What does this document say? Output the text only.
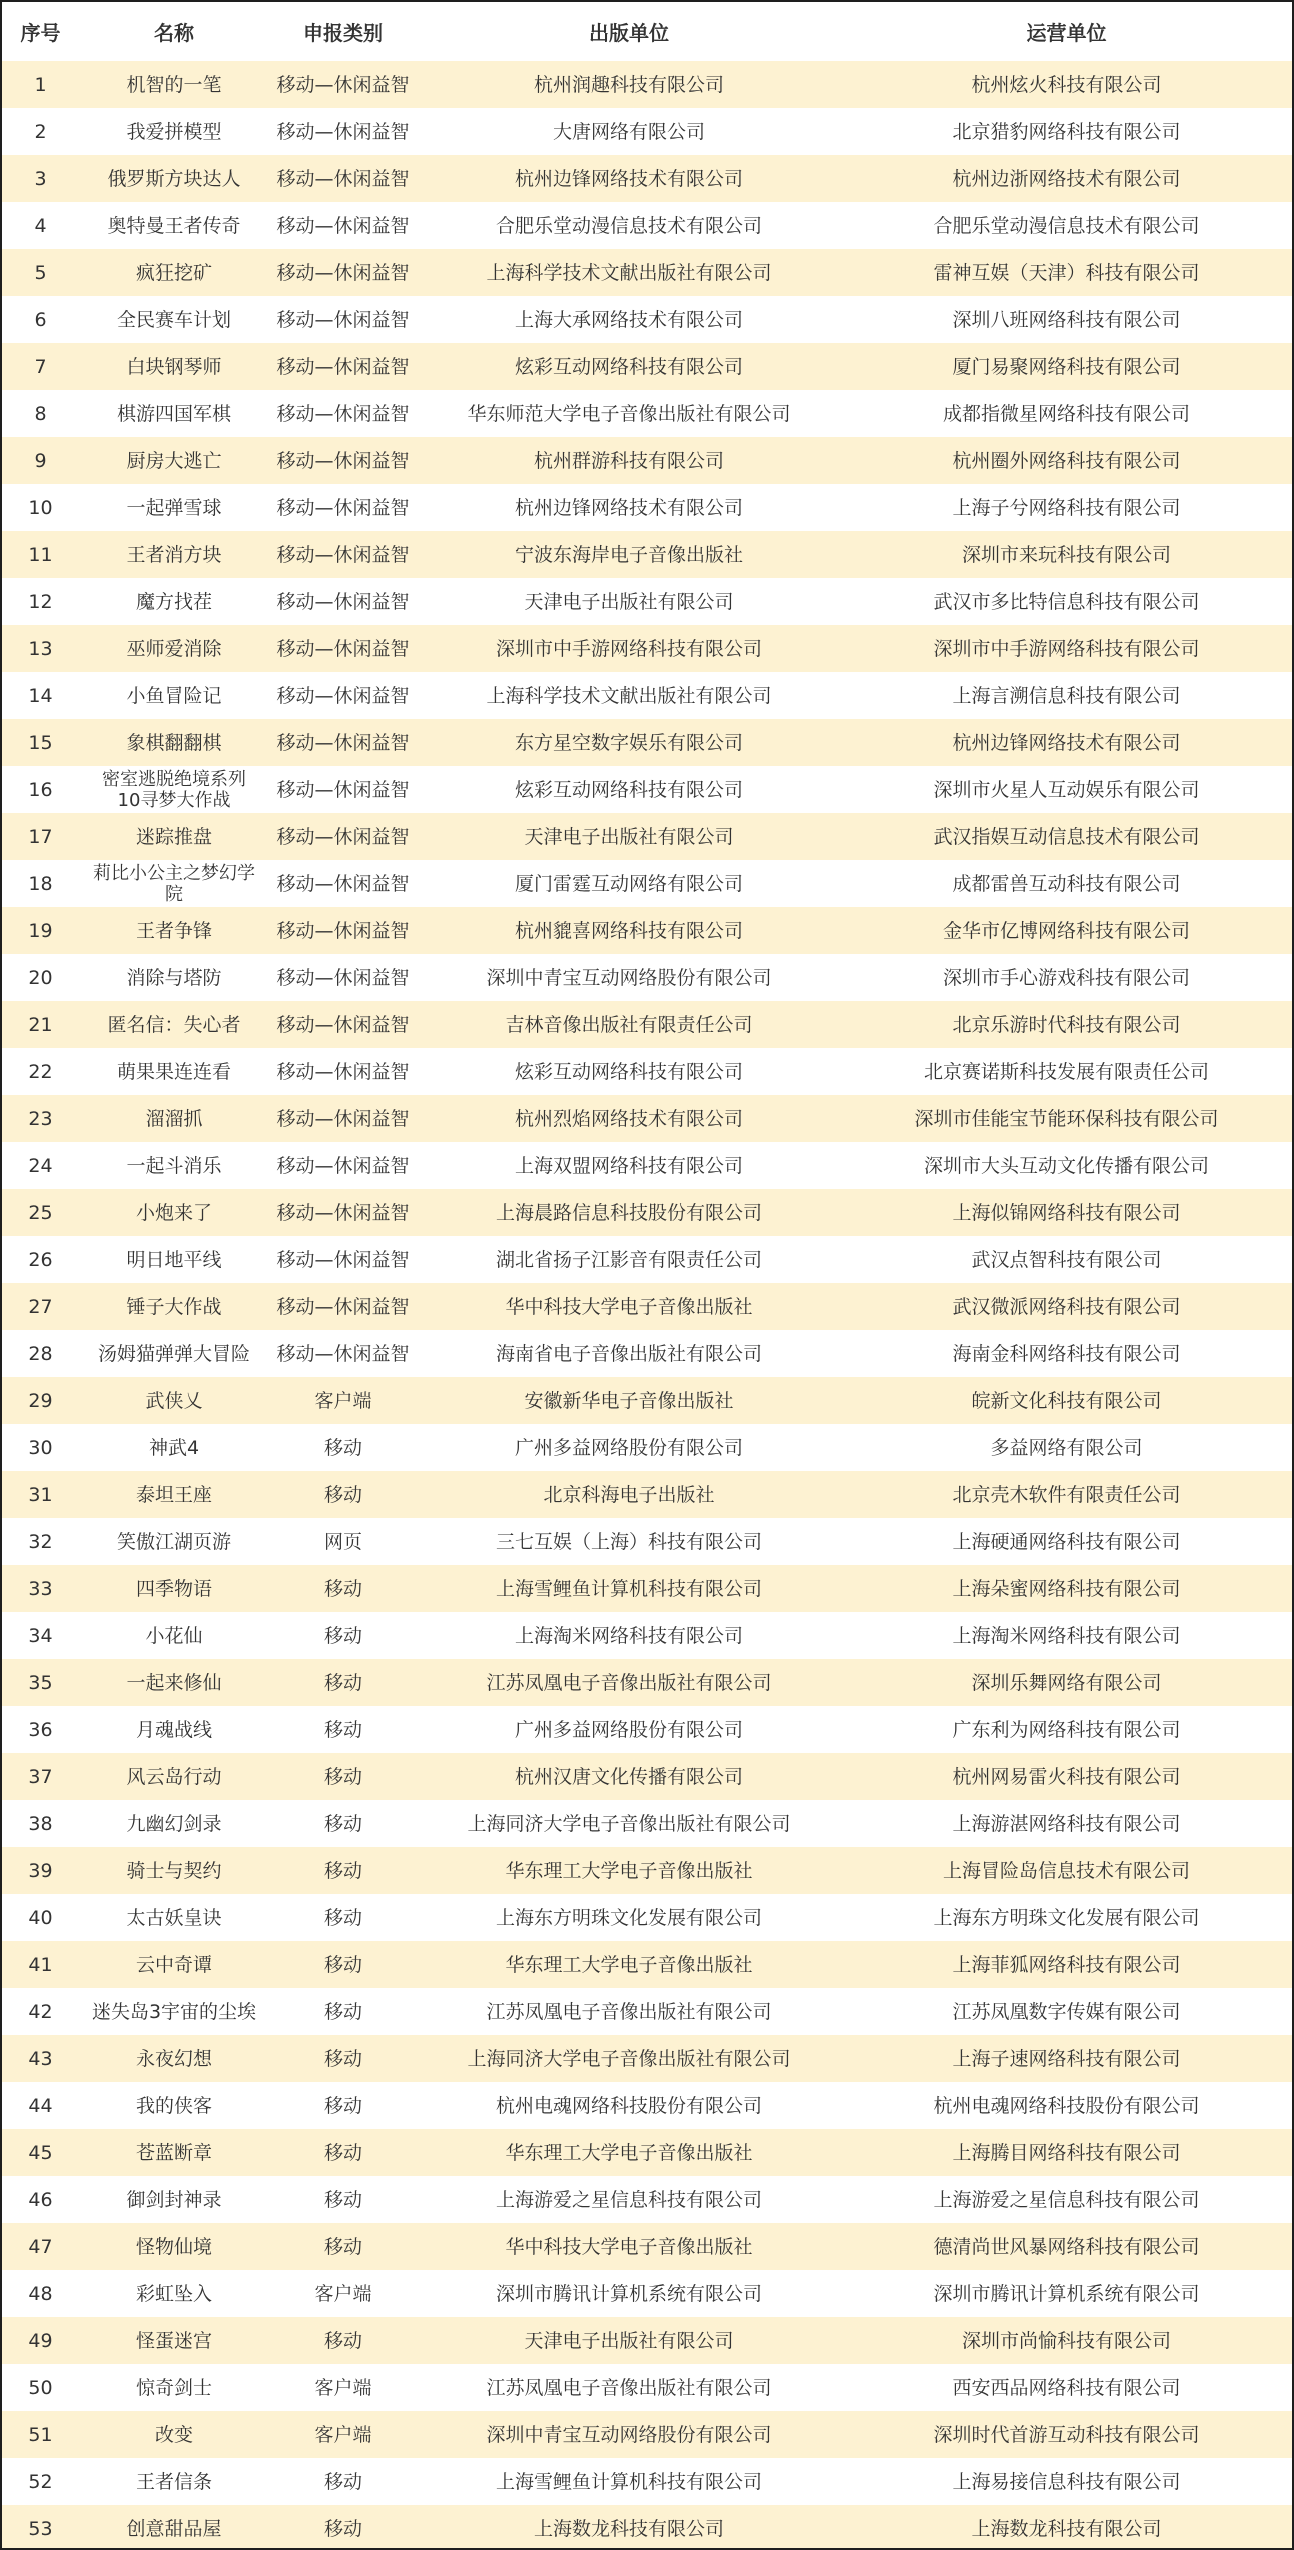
序号	名称	申报类别	出版单位	运营单位
1	机智的一笔	移动—休闲益智	杭州润趣科技有限公司	杭州炫火科技有限公司
2	我爱拼模型	移动—休闲益智	大唐网络有限公司	北京猎豹网络科技有限公司
3	俄罗斯方块达人	移动—休闲益智	杭州边锋网络技术有限公司	杭州边浙网络技术有限公司
4	奥特曼王者传奇	移动—休闲益智	合肥乐堂动漫信息技术有限公司	合肥乐堂动漫信息技术有限公司
5	疯狂挖矿	移动—休闲益智	上海科学技术文献出版社有限公司	雷神互娱（天津）科技有限公司
6	全民赛车计划	移动—休闲益智	上海大承网络技术有限公司	深圳八班网络科技有限公司
7	白块钢琴师	移动—休闲益智	炫彩互动网络科技有限公司	厦门易聚网络科技有限公司
8	棋游四国军棋	移动—休闲益智	华东师范大学电子音像出版社有限公司	成都指微星网络科技有限公司
9	厨房大逃亡	移动—休闲益智	杭州群游科技有限公司	杭州圈外网络科技有限公司
10	一起弹雪球	移动—休闲益智	杭州边锋网络技术有限公司	上海子兮网络科技有限公司
11	王者消方块	移动—休闲益智	宁波东海岸电子音像出版社	深圳市来玩科技有限公司
12	魔方找茬	移动—休闲益智	天津电子出版社有限公司	武汉市多比特信息科技有限公司
13	巫师爱消除	移动—休闲益智	深圳市中手游网络科技有限公司	深圳市中手游网络科技有限公司
14	小鱼冒险记	移动—休闲益智	上海科学技术文献出版社有限公司	上海言溯信息科技有限公司
15	象棋翻翻棋	移动—休闲益智	东方星空数字娱乐有限公司	杭州边锋网络技术有限公司
16	密室逃脱绝境系列10寻梦大作战	移动—休闲益智	炫彩互动网络科技有限公司	深圳市火星人互动娱乐有限公司
17	迷踪推盘	移动—休闲益智	天津电子出版社有限公司	武汉指娱互动信息技术有限公司
18	莉比小公主之梦幻学院	移动—休闲益智	厦门雷霆互动网络有限公司	成都雷兽互动科技有限公司
19	王者争锋	移动—休闲益智	杭州貔喜网络科技有限公司	金华市亿博网络科技有限公司
20	消除与塔防	移动—休闲益智	深圳中青宝互动网络股份有限公司	深圳市手心游戏科技有限公司
21	匿名信：失心者	移动—休闲益智	吉林音像出版社有限责任公司	北京乐游时代科技有限公司
22	萌果果连连看	移动—休闲益智	炫彩互动网络科技有限公司	北京赛诺斯科技发展有限责任公司
23	溜溜抓	移动—休闲益智	杭州烈焰网络技术有限公司	深圳市佳能宝节能环保科技有限公司
24	一起斗消乐	移动—休闲益智	上海双盟网络科技有限公司	深圳市大头互动文化传播有限公司
25	小炮来了	移动—休闲益智	上海晨路信息科技股份有限公司	上海似锦网络科技有限公司
26	明日地平线	移动—休闲益智	湖北省扬子江影音有限责任公司	武汉点智科技有限公司
27	锤子大作战	移动—休闲益智	华中科技大学电子音像出版社	武汉微派网络科技有限公司
28	汤姆猫弹弹大冒险	移动—休闲益智	海南省电子音像出版社有限公司	海南金科网络科技有限公司
29	武侠乂	客户端	安徽新华电子音像出版社	皖新文化科技有限公司
30	神武4	移动	广州多益网络股份有限公司	多益网络有限公司
31	泰坦王座	移动	北京科海电子出版社	北京壳木软件有限责任公司
32	笑傲江湖页游	网页	三七互娱（上海）科技有限公司	上海硬通网络科技有限公司
33	四季物语	移动	上海雪鲤鱼计算机科技有限公司	上海朵蜜网络科技有限公司
34	小花仙	移动	上海淘米网络科技有限公司	上海淘米网络科技有限公司
35	一起来修仙	移动	江苏凤凰电子音像出版社有限公司	深圳乐舞网络有限公司
36	月魂战线	移动	广州多益网络股份有限公司	广东利为网络科技有限公司
37	风云岛行动	移动	杭州汉唐文化传播有限公司	杭州网易雷火科技有限公司
38	九幽幻剑录	移动	上海同济大学电子音像出版社有限公司	上海游湛网络科技有限公司
39	骑士与契约	移动	华东理工大学电子音像出版社	上海冒险岛信息技术有限公司
40	太古妖皇诀	移动	上海东方明珠文化发展有限公司	上海东方明珠文化发展有限公司
41	云中奇谭	移动	华东理工大学电子音像出版社	上海菲狐网络科技有限公司
42	迷失岛3宇宙的尘埃	移动	江苏凤凰电子音像出版社有限公司	江苏凤凰数字传媒有限公司
43	永夜幻想	移动	上海同济大学电子音像出版社有限公司	上海子速网络科技有限公司
44	我的侠客	移动	杭州电魂网络科技股份有限公司	杭州电魂网络科技股份有限公司
45	苍蓝断章	移动	华东理工大学电子音像出版社	上海腾目网络科技有限公司
46	御剑封神录	移动	上海游爱之星信息科技有限公司	上海游爱之星信息科技有限公司
47	怪物仙境	移动	华中科技大学电子音像出版社	德清尚世风暴网络科技有限公司
48	彩虹坠入	客户端	深圳市腾讯计算机系统有限公司	深圳市腾讯计算机系统有限公司
49	怪蛋迷宫	移动	天津电子出版社有限公司	深圳市尚愉科技有限公司
50	惊奇剑士	客户端	江苏凤凰电子音像出版社有限公司	西安西品网络科技有限公司
51	改变	客户端	深圳中青宝互动网络股份有限公司	深圳时代首游互动科技有限公司
52	王者信条	移动	上海雪鲤鱼计算机科技有限公司	上海易接信息科技有限公司
53	创意甜品屋	移动	上海数龙科技有限公司	上海数龙科技有限公司
